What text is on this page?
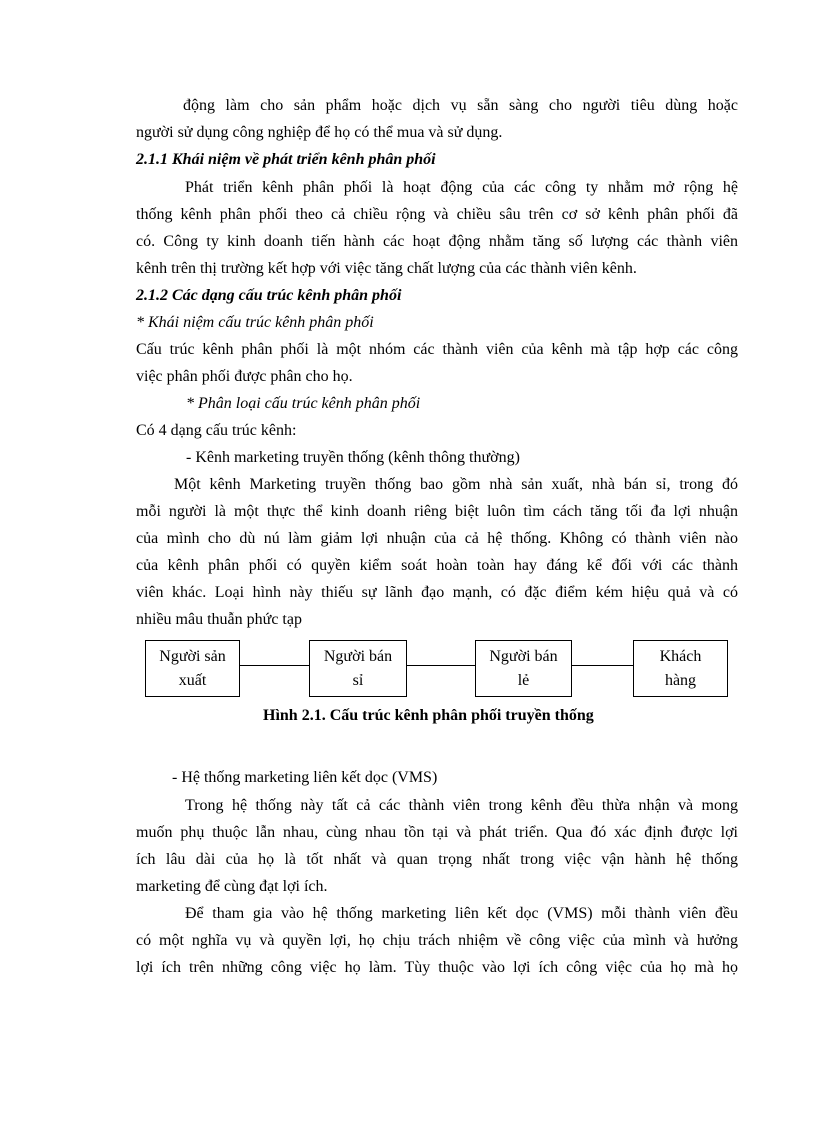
động làm cho sản phẩm hoặc dịch vụ sẵn sàng cho người tiêu dùng hoặc
người sử dụng công nghiệp để họ có thể mua và sử dụng.
2.1.1 Khái niệm về phát triển kênh phân phối
Phát triển kênh phân phối là hoạt động của các công ty nhằm mở rộng hệ
thống kênh phân phối theo cả chiều rộng và chiều sâu trên cơ sở kênh phân phối đã
có. Công ty kinh doanh tiến hành các hoạt động nhằm tăng số lượng các thành viên
kênh trên thị trường kết hợp với việc tăng chất lượng của các thành viên kênh.
2.1.2 Các dạng cấu trúc kênh phân phối
* Khái niệm cấu trúc kênh phân phối
Cấu trúc kênh phân phối là một nhóm các thành viên của kênh mà tập hợp các công
việc phân phối được phân cho họ.
* Phân loại cấu trúc kênh phân phối
Có 4 dạng cấu trúc kênh:
- Kênh marketing truyền thống (kênh thông thường)
Một kênh Marketing truyền thống bao gồm nhà sản xuất, nhà bán sỉ, trong đó
mỗi người là một thực thể kinh doanh riêng biệt luôn tìm cách tăng tối đa lợi nhuận
của mình cho dù nú làm giảm lợi nhuận của cả hệ thống. Không có thành viên nào
của kênh phân phối có quyền kiểm soát hoàn toàn hay đáng kể đối với các thành
viên khác. Loại hình này thiếu sự lãnh đạo mạnh, có đặc điểm kém hiệu quả và có
nhiều mâu thuẫn phức tạp
Người sản
xuất
Người bán
sỉ
Người bán
lẻ
Khách
hàng
Hình 2.1. Cấu trúc kênh phân phối truyền thống
- Hệ thống marketing liên kết dọc (VMS)
Trong hệ thống này tất cả các thành viên trong kênh đều thừa nhận và mong
muốn phụ thuộc lẫn nhau, cùng nhau tồn tại và phát triển. Qua đó xác định được lợi
ích lâu dài của họ là tốt nhất và quan trọng nhất trong việc vận hành hệ thống
marketing để cùng đạt lợi ích.
Để tham gia vào hệ thống marketing liên kết dọc (VMS) mỗi thành viên đều
có một nghĩa vụ và quyền lợi, họ chịu trách nhiệm về công việc của mình và hưởng
lợi ích trên những công việc họ làm. Tùy thuộc vào lợi ích công việc của họ mà họ
